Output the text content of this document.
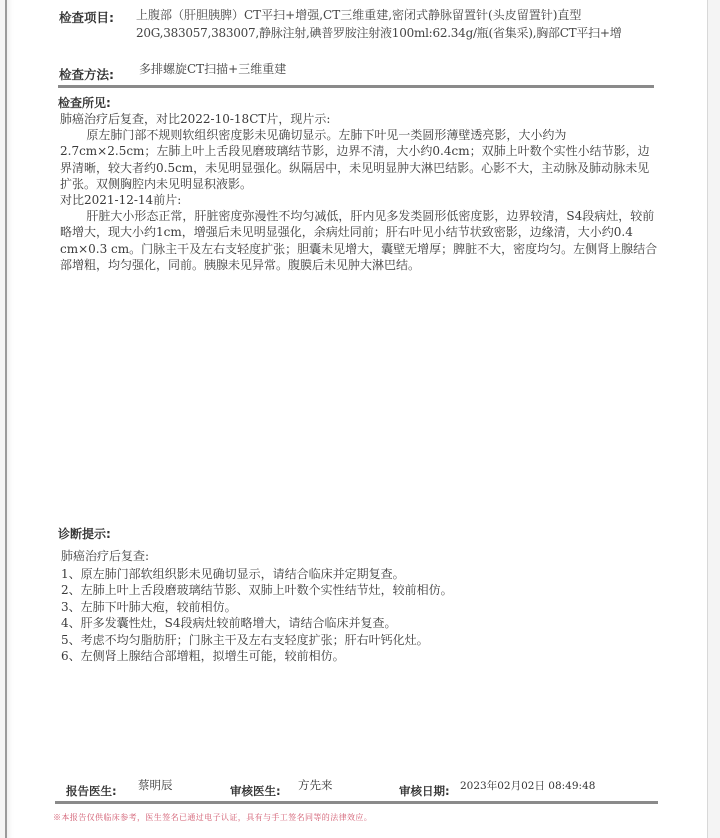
检查项目: 上腹部（肝胆胰脾）CT平扫+增强,CT三维重建,密闭式静脉留置针(头皮留置针)直型
20G,383057,383007,静脉注射,碘普罗胺注射液100ml:62.34g/瓶(省集采),胸部CT平扫+增
检查方法: 多排螺旋CT扫描+三维重建
检查所见:

肺癌治疗后复查，对比2022-10-18CT片，现片示:

原左肺门部不规则软组织密度影未见确切显示。左肺下叶见一类圆形薄壁透亮影，大小约为2.7cm×2.5cm；左肺上叶上舌段见磨玻璃结节影，边界不清，大小约0.4cm；双肺上叶数个实性小结节影，边界清晰，较大者约0.5cm，未见明显强化。纵隔居中，未见明显肿大淋巴结影。心影不大，主动脉及肺动脉未见扩张。双侧胸腔内未见明显积液影。

对比2021-12-14前片:

肝脏大小形态正常，肝脏密度弥漫性不均匀减低，肝内见多发类圆形低密度影，边界较清，S4段病灶，较前略增大，现大小约1cm，增强后未见明显强化，余病灶同前；肝右叶见小结节状致密影，边缘清，大小约0.4 cm×0.3 cm。门脉主干及左右支轻度扩张；胆囊未见增大，囊壁无增厚；脾脏不大，密度均匀。左侧肾上腺结合部增粗，均匀强化，同前。胰腺未见异常。腹膜后未见肿大淋巴结。

诊断提示:
肺癌治疗后复查:
1、原左肺门部软组织影未见确切显示，请结合临床并定期复查。
2、左肺上叶上舌段磨玻璃结节影、双肺上叶数个实性结节灶，较前相仿。
3、左肺下叶肺大疱，较前相仿。
4、肝多发囊性灶，S4段病灶较前略增大，请结合临床并复查。
5、考虑不均匀脂肪肝；门脉主干及左右支轻度扩张；肝右叶钙化灶。
6、左侧肾上腺结合部增粗，拟增生可能，较前相仿。
报告医生: 蔡明辰	审核医生: 方先来	审核日期: 2023年02月02日 08:49:48
※本报告仅供临床参考，医生签名已通过电子认证，具有与手工签名同等的法律效应。
